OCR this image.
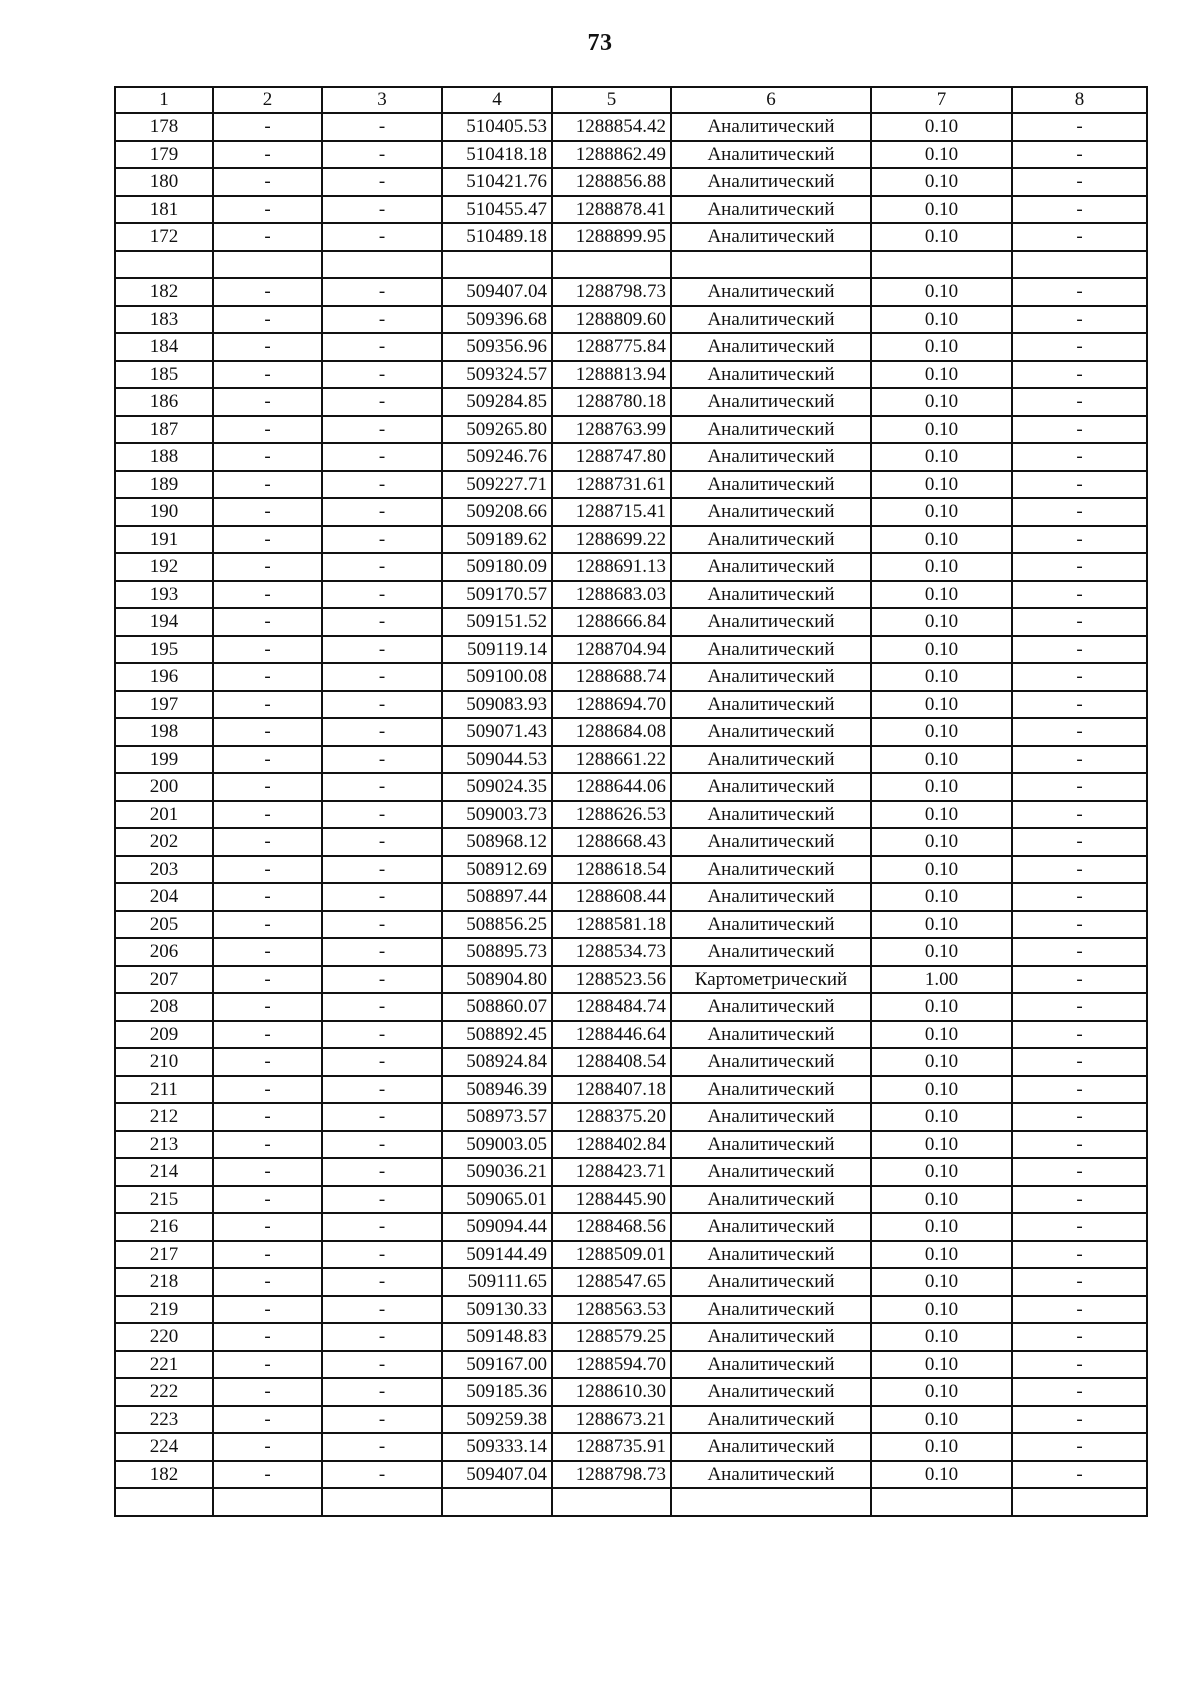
73
1	2	3	4	5	6	7	8
178	-	-	510405.53	1288854.42	Аналитический	0.10	-
179	-	-	510418.18	1288862.49	Аналитический	0.10	-
180	-	-	510421.76	1288856.88	Аналитический	0.10	-
181	-	-	510455.47	1288878.41	Аналитический	0.10	-
172	-	-	510489.18	1288899.95	Аналитический	0.10	-

182	-	-	509407.04	1288798.73	Аналитический	0.10	-
183	-	-	509396.68	1288809.60	Аналитический	0.10	-
184	-	-	509356.96	1288775.84	Аналитический	0.10	-
185	-	-	509324.57	1288813.94	Аналитический	0.10	-
186	-	-	509284.85	1288780.18	Аналитический	0.10	-
187	-	-	509265.80	1288763.99	Аналитический	0.10	-
188	-	-	509246.76	1288747.80	Аналитический	0.10	-
189	-	-	509227.71	1288731.61	Аналитический	0.10	-
190	-	-	509208.66	1288715.41	Аналитический	0.10	-
191	-	-	509189.62	1288699.22	Аналитический	0.10	-
192	-	-	509180.09	1288691.13	Аналитический	0.10	-
193	-	-	509170.57	1288683.03	Аналитический	0.10	-
194	-	-	509151.52	1288666.84	Аналитический	0.10	-
195	-	-	509119.14	1288704.94	Аналитический	0.10	-
196	-	-	509100.08	1288688.74	Аналитический	0.10	-
197	-	-	509083.93	1288694.70	Аналитический	0.10	-
198	-	-	509071.43	1288684.08	Аналитический	0.10	-
199	-	-	509044.53	1288661.22	Аналитический	0.10	-
200	-	-	509024.35	1288644.06	Аналитический	0.10	-
201	-	-	509003.73	1288626.53	Аналитический	0.10	-
202	-	-	508968.12	1288668.43	Аналитический	0.10	-
203	-	-	508912.69	1288618.54	Аналитический	0.10	-
204	-	-	508897.44	1288608.44	Аналитический	0.10	-
205	-	-	508856.25	1288581.18	Аналитический	0.10	-
206	-	-	508895.73	1288534.73	Аналитический	0.10	-
207	-	-	508904.80	1288523.56	Картометрический	1.00	-
208	-	-	508860.07	1288484.74	Аналитический	0.10	-
209	-	-	508892.45	1288446.64	Аналитический	0.10	-
210	-	-	508924.84	1288408.54	Аналитический	0.10	-
211	-	-	508946.39	1288407.18	Аналитический	0.10	-
212	-	-	508973.57	1288375.20	Аналитический	0.10	-
213	-	-	509003.05	1288402.84	Аналитический	0.10	-
214	-	-	509036.21	1288423.71	Аналитический	0.10	-
215	-	-	509065.01	1288445.90	Аналитический	0.10	-
216	-	-	509094.44	1288468.56	Аналитический	0.10	-
217	-	-	509144.49	1288509.01	Аналитический	0.10	-
218	-	-	509111.65	1288547.65	Аналитический	0.10	-
219	-	-	509130.33	1288563.53	Аналитический	0.10	-
220	-	-	509148.83	1288579.25	Аналитический	0.10	-
221	-	-	509167.00	1288594.70	Аналитический	0.10	-
222	-	-	509185.36	1288610.30	Аналитический	0.10	-
223	-	-	509259.38	1288673.21	Аналитический	0.10	-
224	-	-	509333.14	1288735.91	Аналитический	0.10	-
182	-	-	509407.04	1288798.73	Аналитический	0.10	-
